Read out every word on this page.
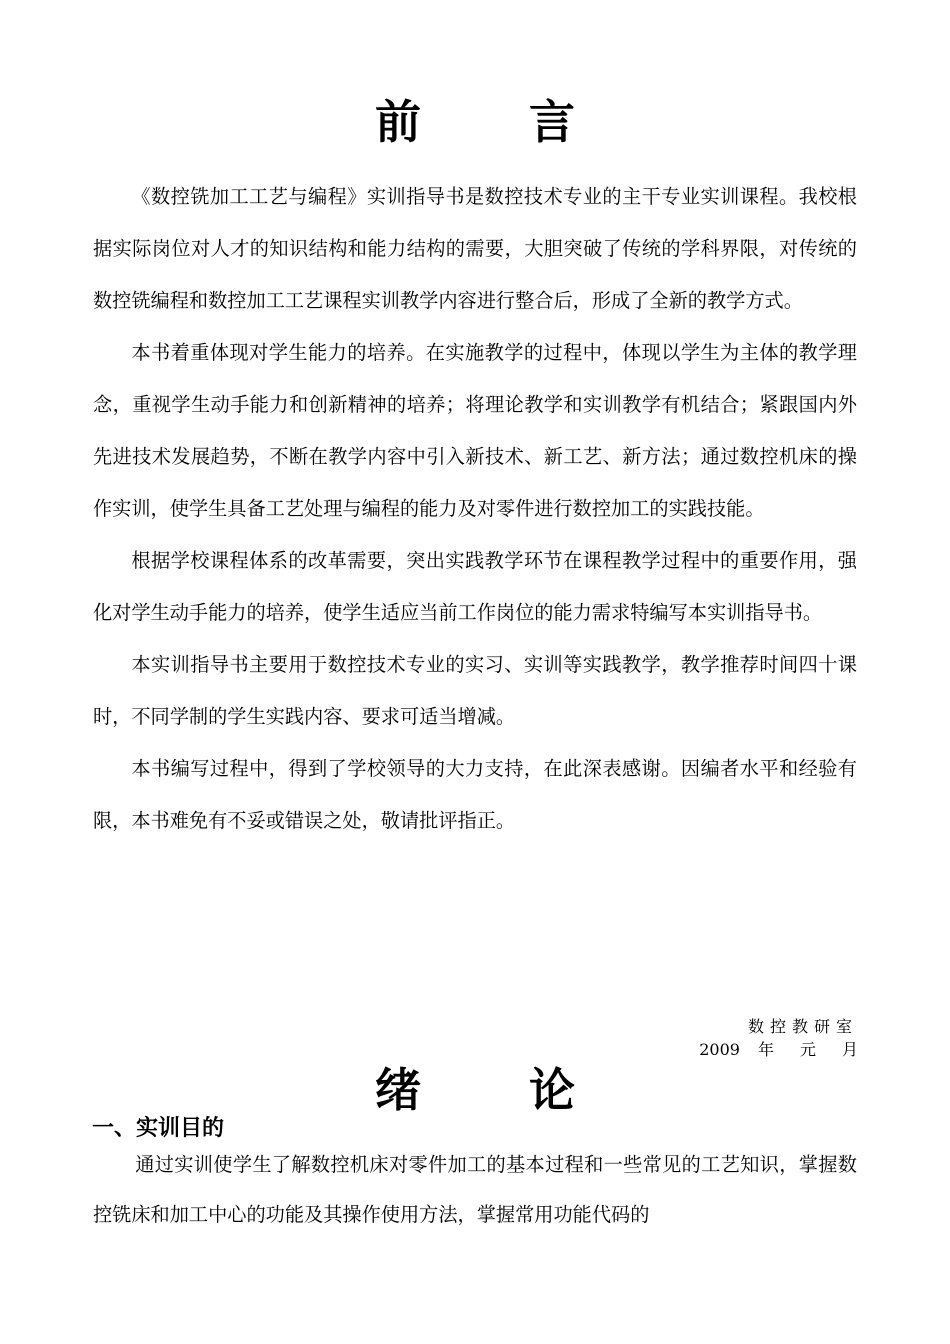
前 言

《数控铣加工工艺与编程》实训指导书是数控技术专业的主干专业实训课程。我校根据实际岗位对人才的知识结构和能力结构的需要，大胆突破了传统的学科界限，对传统的数控铣编程和数控加工工艺课程实训教学内容进行整合后，形成了全新的教学方式。

本书着重体现对学生能力的培养。在实施教学的过程中，体现以学生为主体的教学理念，重视学生动手能力和创新精神的培养；将理论教学和实训教学有机结合；紧跟国内外先进技术发展趋势，不断在教学内容中引入新技术、新工艺、新方法；通过数控机床的操作实训，使学生具备工艺处理与编程的能力及对零件进行数控加工的实践技能。

根据学校课程体系的改革需要，突出实践教学环节在课程教学过程中的重要作用，强化对学生动手能力的培养，使学生适应当前工作岗位的能力需求特编写本实训指导书。

本实训指导书主要用于数控技术专业的实习、实训等实践教学，教学推荐时间四十课时，不同学制的学生实践内容、要求可适当增减。

本书编写过程中，得到了学校领导的大力支持，在此深表感谢。因编者水平和经验有限，本书难免有不妥或错误之处，敬请批评指正。

数控教研室
2009 年 元 月
绪 论
一、实训目的

通过实训使学生了解数控机床对零件加工的基本过程和一些常见的工艺知识，掌握数控铣床和加工中心的功能及其操作使用方法，掌握常用功能代码的
